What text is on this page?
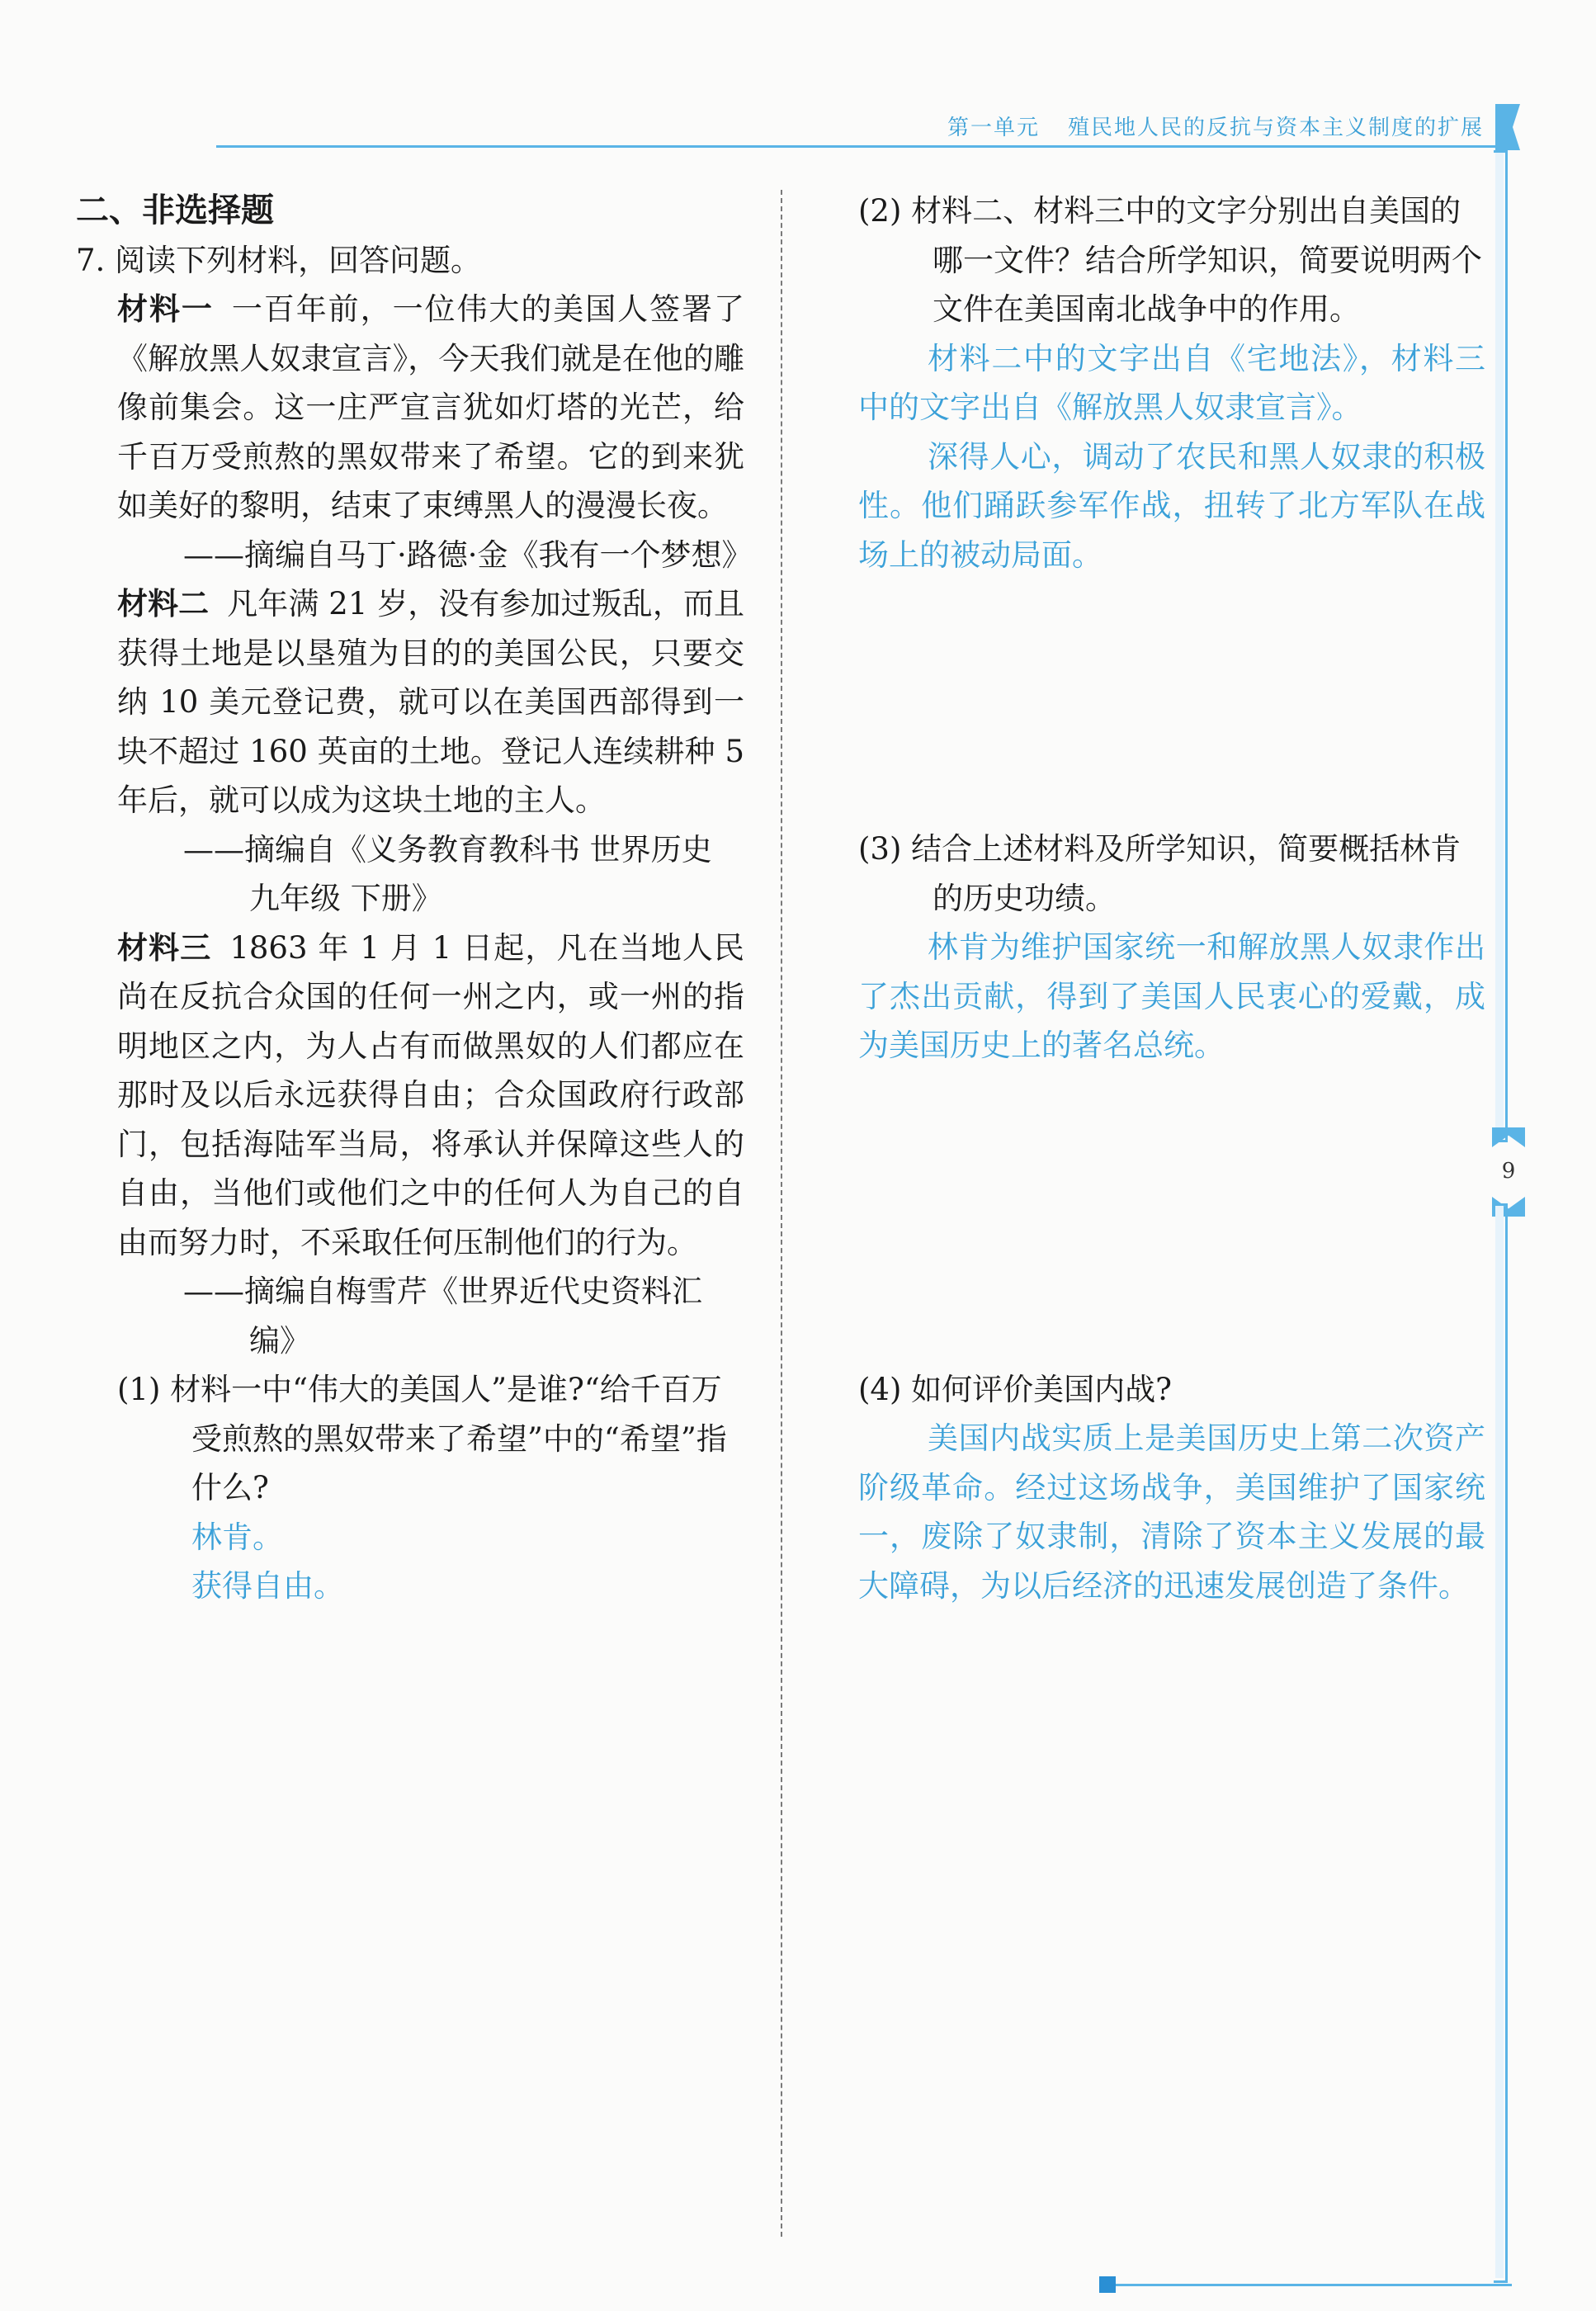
第一单元 殖民地人民的反抗与资本主义制度的扩展
9
二、非选择题
7. 阅读下列材料，回答问题。
材料一 一百年前，一位伟大的美国人签署了《解放黑人奴隶宣言》，今天我们就是在他的雕像前集会。这一庄严宣言犹如灯塔的光芒，给千百万受煎熬的黑奴带来了希望。它的到来犹如美好的黎明，结束了束缚黑人的漫漫长夜。
——摘编自马丁·路德·金《我有一个梦想》
材料二 凡年满 21 岁，没有参加过叛乱，而且获得土地是以垦殖为目的的美国公民，只要交纳 10 美元登记费，就可以在美国西部得到一块不超过 160 英亩的土地。登记人连续耕种 5 年后，就可以成为这块土地的主人。
——摘编自《义务教育教科书 世界历史 九年级 下册》
材料三 1863 年 1 月 1 日起，凡在当地人民尚在反抗合众国的任何一州之内，或一州的指明地区之内，为人占有而做黑奴的人们都应在那时及以后永远获得自由；合众国政府行政部门，包括海陆军当局，将承认并保障这些人的自由，当他们或他们之中的任何人为自己的自由而努力时，不采取任何压制他们的行为。
——摘编自梅雪芹《世界近代史资料汇编》
(1) 材料一中“伟大的美国人”是谁?“给千百万受煎熬的黑奴带来了希望”中的“希望”指什么?
林肯。
获得自由。
(2) 材料二、材料三中的文字分别出自美国的哪一文件？结合所学知识，简要说明两个文件在美国南北战争中的作用。
材料二中的文字出自《宅地法》，材料三中的文字出自《解放黑人奴隶宣言》。
深得人心，调动了农民和黑人奴隶的积极性。他们踊跃参军作战，扭转了北方军队在战场上的被动局面。
(3) 结合上述材料及所学知识，简要概括林肯的历史功绩。
林肯为维护国家统一和解放黑人奴隶作出了杰出贡献，得到了美国人民衷心的爱戴，成为美国历史上的著名总统。
(4) 如何评价美国内战?
美国内战实质上是美国历史上第二次资产阶级革命。经过这场战争，美国维护了国家统一，废除了奴隶制，清除了资本主义发展的最大障碍，为以后经济的迅速发展创造了条件。
